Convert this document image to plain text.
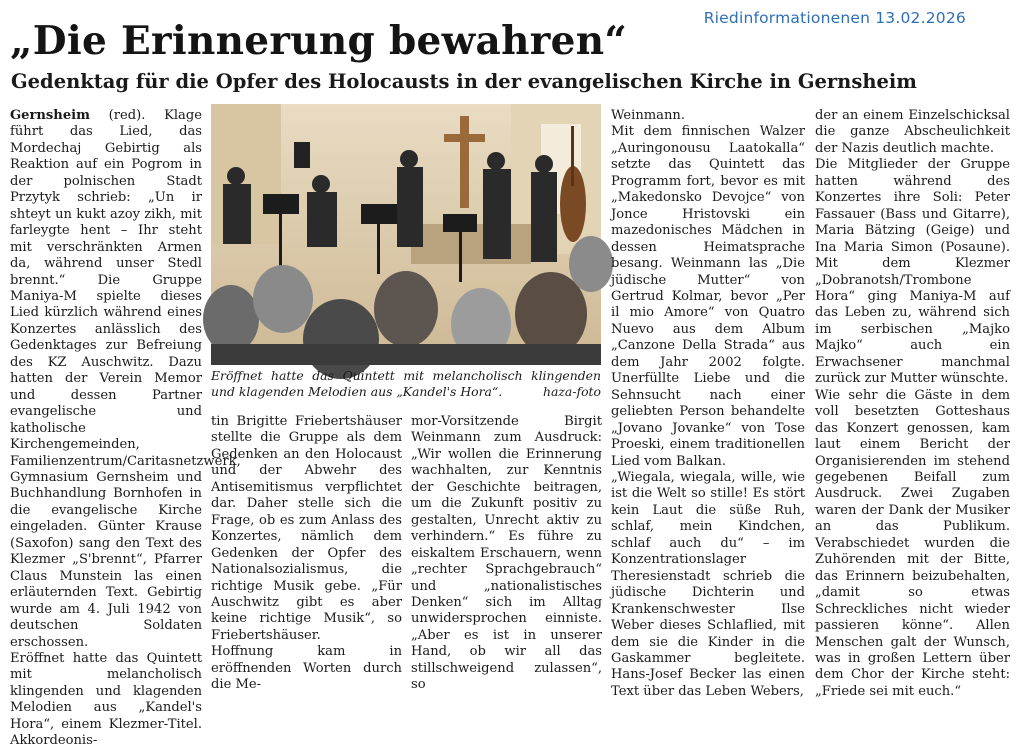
Riedinformationenen 13.02.2026
„Die Erinnerung bewahren“
Gedenktag für die Opfer des Holocausts in der evangelischen Kirche in Gernsheim

Gernsheim (red). Klage führt das Lied, das Mordechaj Gebirtig als Reaktion auf ein Pogrom in der polnischen Stadt Przytyk schrieb: „Un ir shteyt un kukt azoy zikh, mit farleygte hent – Ihr steht mit verschränkten Armen da, während unser Stedl brennt.“ Die Gruppe Maniya-M spielte dieses Lied kürzlich während eines Konzertes anlässlich des Gedenktages zur Befreiung des KZ Auschwitz. Dazu hatten der Verein Memor und dessen Partner evangelische und katholische Kirchengemeinden, Familienzentrum/Caritasnetzwerk, Gymnasium Gernsheim und Buchhandlung Bornhofen in die evangelische Kirche eingeladen. Günter Krause (Saxofon) sang den Text des Klezmer „S'brennt“, Pfarrer Claus Munstein las einen erläuternden Text. Gebirtig wurde am 4. Juli 1942 von deutschen Soldaten erschossen.

Eröffnet hatte das Quintett mit melancholisch klingenden und klagenden Melodien aus „Kandel's Hora“, einem Klezmer-Titel. Akkordeonis-

Eröffnet hatte das Quintett mit melancholisch klingenden und klagenden Melodien aus „Kandel's Hora“.	haza-foto

tin Brigitte Friebertshäuser stellte die Gruppe als dem Gedenken an den Holocaust und der Abwehr des Antisemitismus verpflichtet dar. Daher stelle sich die Frage, ob es zum Anlass des Konzertes, nämlich dem Gedenken der Opfer des Nationalsozialismus, die richtige Musik gebe. „Für Auschwitz gibt es aber keine richtige Musik“, so Friebertshäuser.

Hoffnung kam in eröffnenden Worten durch die Me-

mor-Vorsitzende Birgit Weinmann zum Ausdruck: „Wir wollen die Erinnerung wachhalten, zur Kenntnis der Geschichte beitragen, um die Zukunft positiv zu gestalten, Unrecht aktiv zu verhindern.“ Es führe zu eiskaltem Erschauern, wenn „rechter Sprachgebrauch“ und „nationalistisches Denken“ sich im Alltag unwidersprochen einniste. „Aber es ist in unserer Hand, ob wir all das stillschweigend zulassen“, so

Weinmann.

Mit dem finnischen Walzer „Auringonousu Laatokalla“ setzte das Quintett das Programm fort, bevor es mit „Makedonsko Devojce“ von Jonce Hristovski ein mazedonisches Mädchen in dessen Heimatsprache besang. Weinmann las „Die jüdische Mutter“ von Gertrud Kolmar, bevor „Per il mio Amore“ von Quatro Nuevo aus dem Album „Canzone Della Strada“ aus dem Jahr 2002 folgte. Unerfüllte Liebe und die Sehnsucht nach einer geliebten Person behandelte „Jovano Jovanke“ von Tose Proeski, einem traditionellen Lied vom Balkan.

„Wiegala, wiegala, wille, wie ist die Welt so stille! Es stört kein Laut die süße Ruh, schlaf, mein Kindchen, schlaf auch du“ – im Konzentrationslager Theresienstadt schrieb die jüdische Dichterin und Krankenschwester Ilse Weber dieses Schlaflied, mit dem sie die Kinder in die Gaskammer begleitete. Hans-Josef Becker las einen Text über das Leben Webers,

der an einem Einzelschicksal die ganze Abscheulichkeit der Nazis deutlich machte.

Die Mitglieder der Gruppe hatten während des Konzertes ihre Soli: Peter Fassauer (Bass und Gitarre), Maria Bätzing (Geige) und Ina Maria Simon (Posaune). Mit dem Klezmer „Dobranotsh/Trombone Hora“ ging Maniya-M auf das Leben zu, während sich im serbischen „Majko Majko“ auch ein Erwachsener manchmal zurück zur Mutter wünschte.

Wie sehr die Gäste in dem voll besetzten Gotteshaus das Konzert genossen, kam laut einem Bericht der Organisierenden im stehend gegebenen Beifall zum Ausdruck. Zwei Zugaben waren der Dank der Musiker an das Publikum. Verabschiedet wurden die Zuhörenden mit der Bitte, das Erinnern beizubehalten, „damit so etwas Schreckliches nicht wieder passieren könne“. Allen Menschen galt der Wunsch, was in großen Lettern über dem Chor der Kirche steht: „Friede sei mit euch.“
